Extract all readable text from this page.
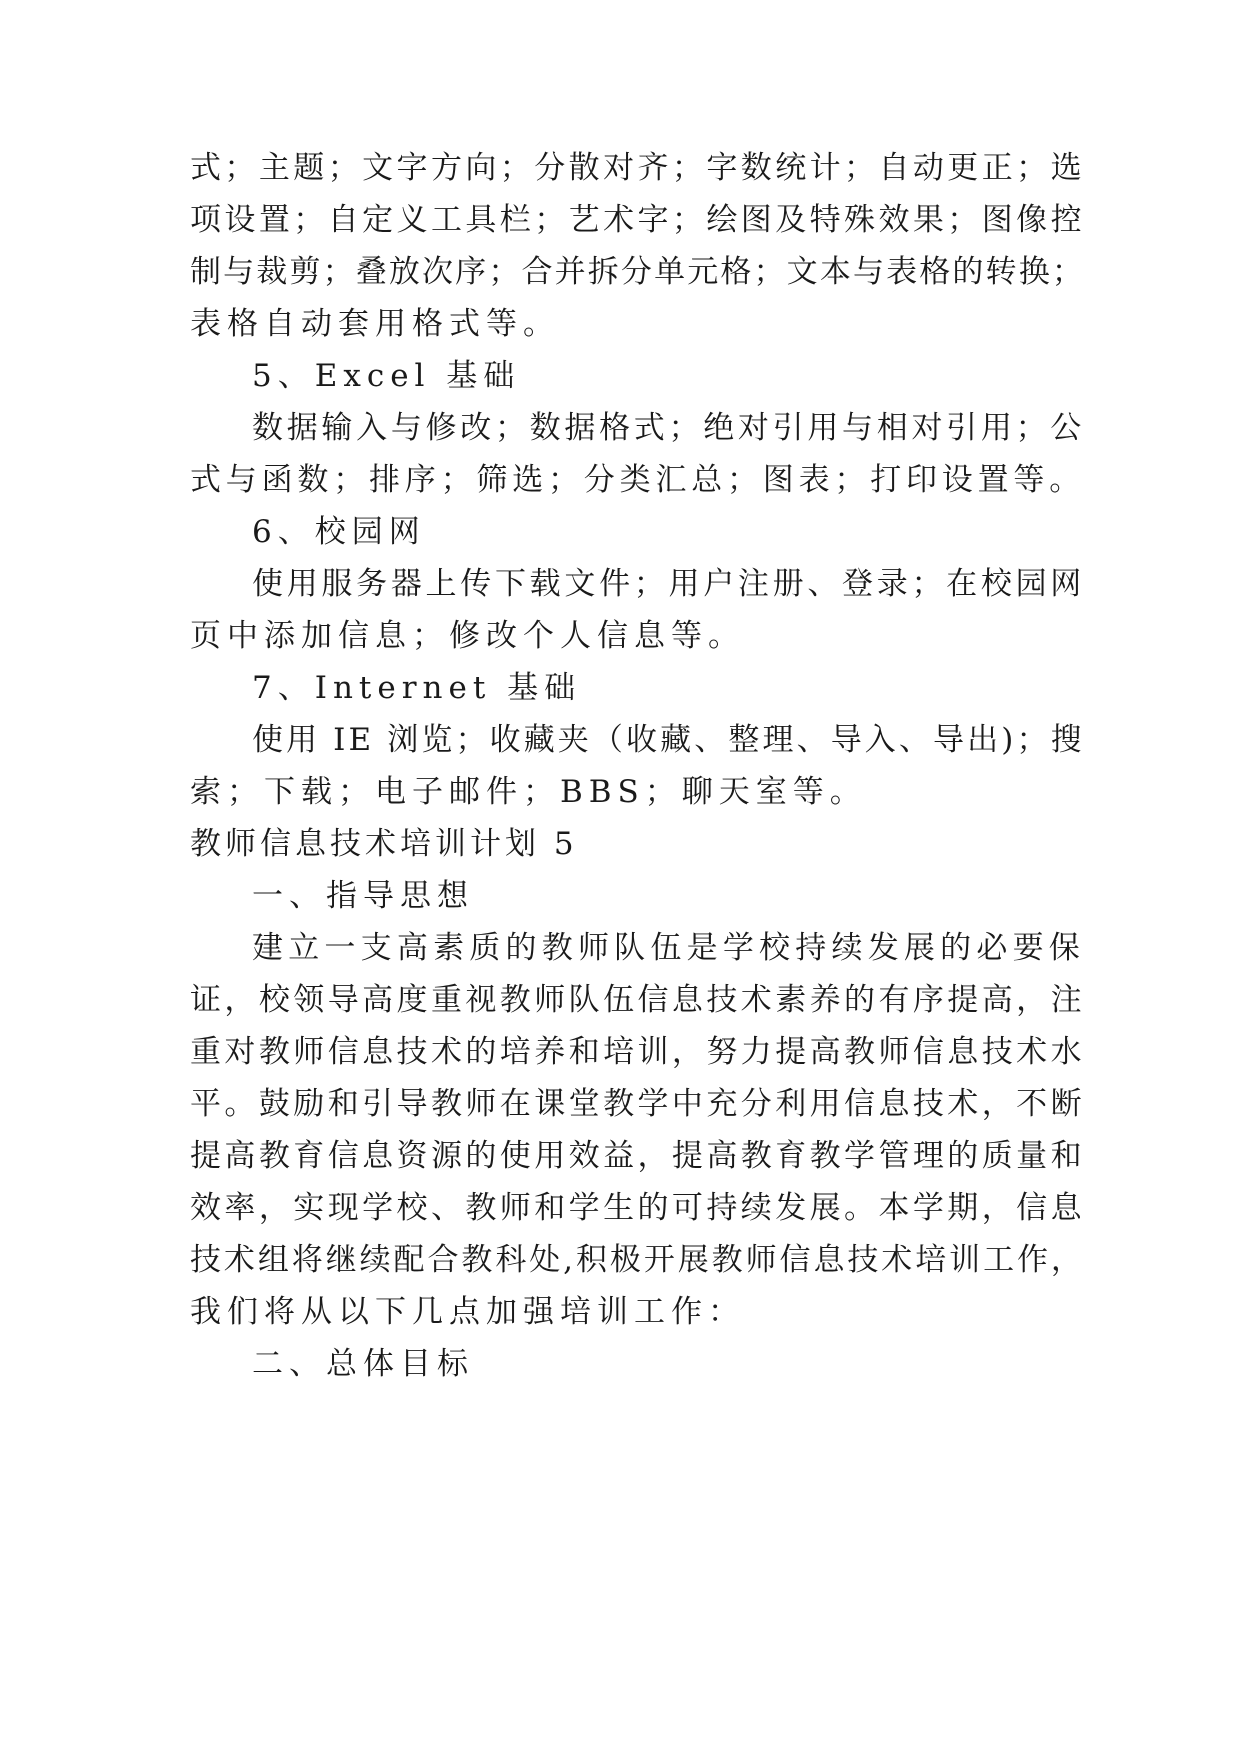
式；主题；文字方向；分散对齐；字数统计；自动更正；选
项设置；自定义工具栏；艺术字；绘图及特殊效果；图像控
制与裁剪；叠放次序；合并拆分单元格；文本与表格的转换；
表格自动套用格式等。
5、Excel 基础
数据输入与修改；数据格式；绝对引用与相对引用；公
式与函数；排序；筛选；分类汇总；图表；打印设置等。
6、校园网
使用服务器上传下载文件；用户注册、登录；在校园网
页中添加信息；修改个人信息等。
7、Internet 基础
使用 IE 浏览；收藏夹（收藏、整理、导入、导出)；搜
索；下载；电子邮件；BBS；聊天室等。
教师信息技术培训计划 5
一、指导思想
建立一支高素质的教师队伍是学校持续发展的必要保
证，校领导高度重视教师队伍信息技术素养的有序提高，注
重对教师信息技术的培养和培训，努力提高教师信息技术水
平。鼓励和引导教师在课堂教学中充分利用信息技术，不断
提高教育信息资源的使用效益，提高教育教学管理的质量和
效率，实现学校、教师和学生的可持续发展。本学期，信息
技术组将继续配合教科处,积极开展教师信息技术培训工作，
我们将从以下几点加强培训工作：
二、总体目标
